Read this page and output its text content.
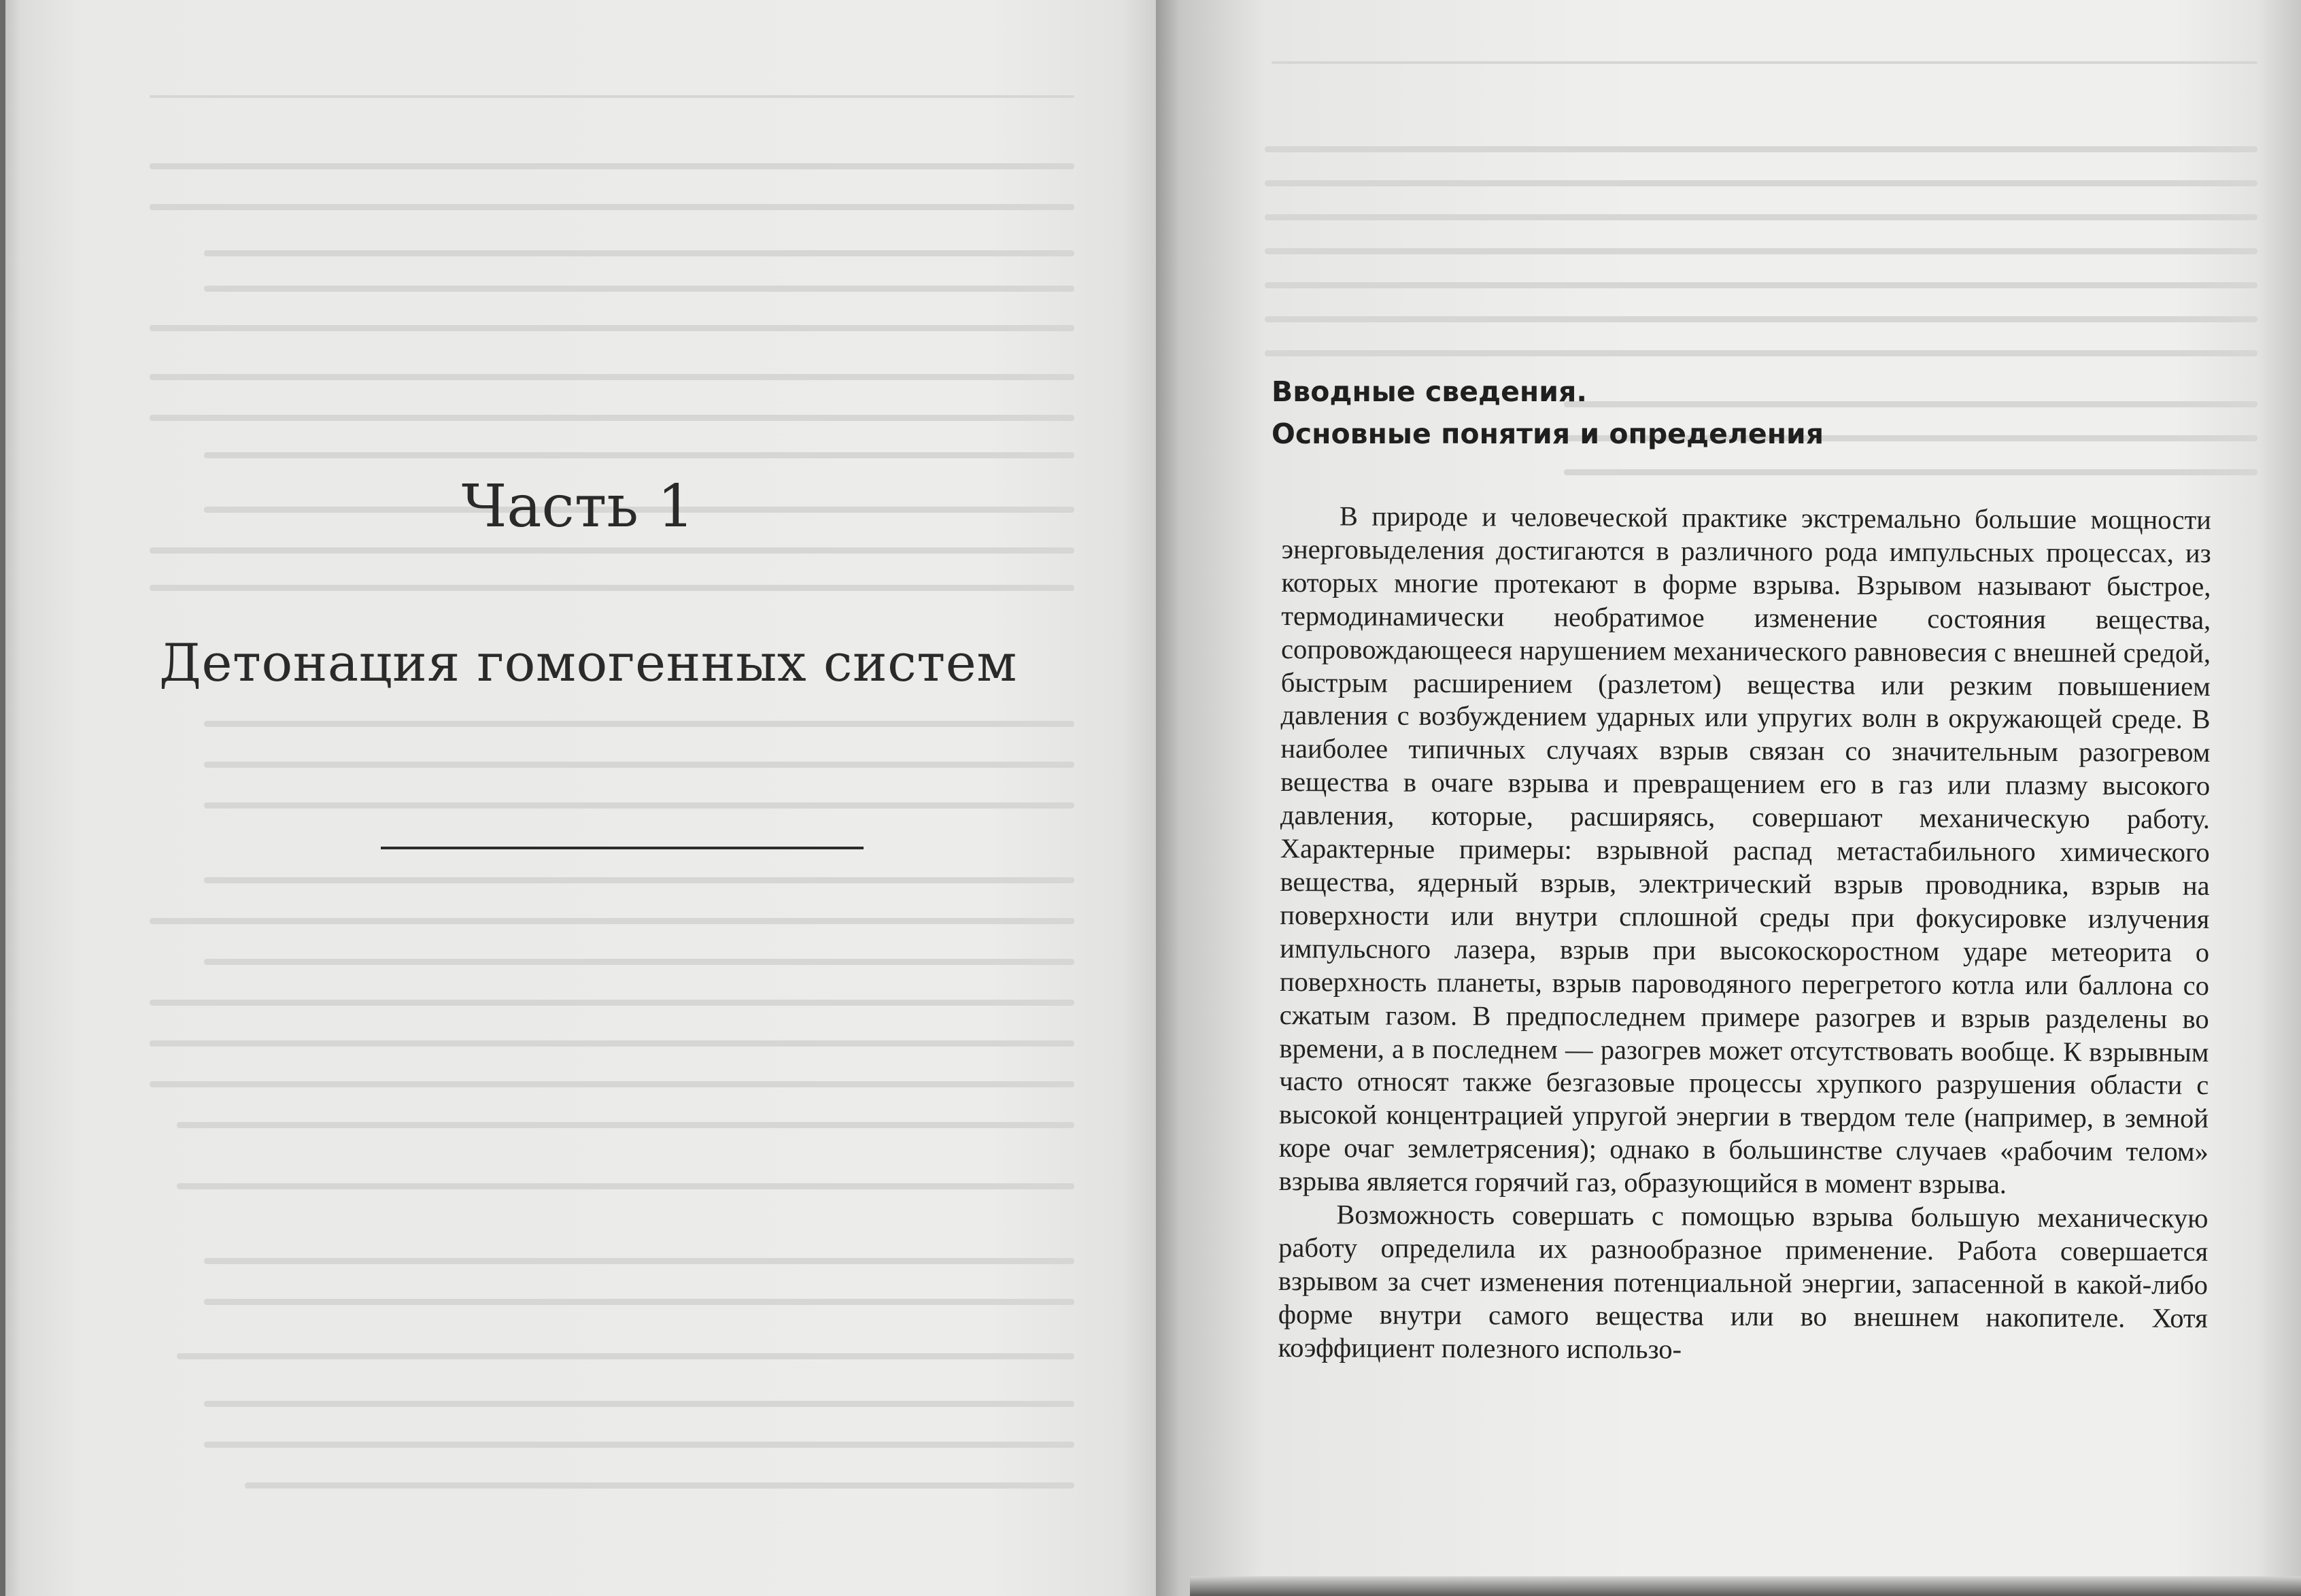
Часть 1
Детонация гомогенных систем

Вводные сведения.

Основные понятия и определения

В природе и человеческой практике экстремально большие мощности энерговыделения достигаются в различного рода импульсных процессах, из которых многие протекают в форме взрыва. Взрывом называют быстрое, термодинамически необратимое изменение состояния вещества, сопровождающееся нарушением механического равновесия с внешней средой, быстрым расширением (разлетом) вещества или резким повышением давления с возбуждением ударных или упругих волн в окружающей среде. В наиболее типичных случаях взрыв связан со значительным разогревом вещества в очаге взрыва и превращением его в газ или плазму высокого давления, которые, расширяясь, совершают механическую работу. Характерные примеры: взрывной распад метастабильного химического вещества, ядерный взрыв, электрический взрыв проводника, взрыв на поверхности или внутри сплошной среды при фокусировке излучения импульсного лазера, взрыв при высокоскоростном ударе метеорита о поверхность планеты, взрыв пароводяного перегретого котла или баллона со сжатым газом. В предпоследнем примере разогрев и взрыв разделены во времени, а в последнем — разогрев может отсутствовать вообще. К взрывным часто относят также безгазовые процессы хрупкого разрушения области с высокой концентрацией упругой энергии в твердом теле (например, в земной коре очаг землетрясения); однако в большинстве случаев «рабочим телом» взрыва является горячий газ, образующийся в момент взрыва.

Возможность совершать с помощью взрыва большую механическую работу определила их разнообразное применение. Работа совершается взрывом за счет изменения потенциальной энергии, запасенной в какой-либо форме внутри самого вещества или во внешнем накопителе. Хотя коэффициент полезного использо-
